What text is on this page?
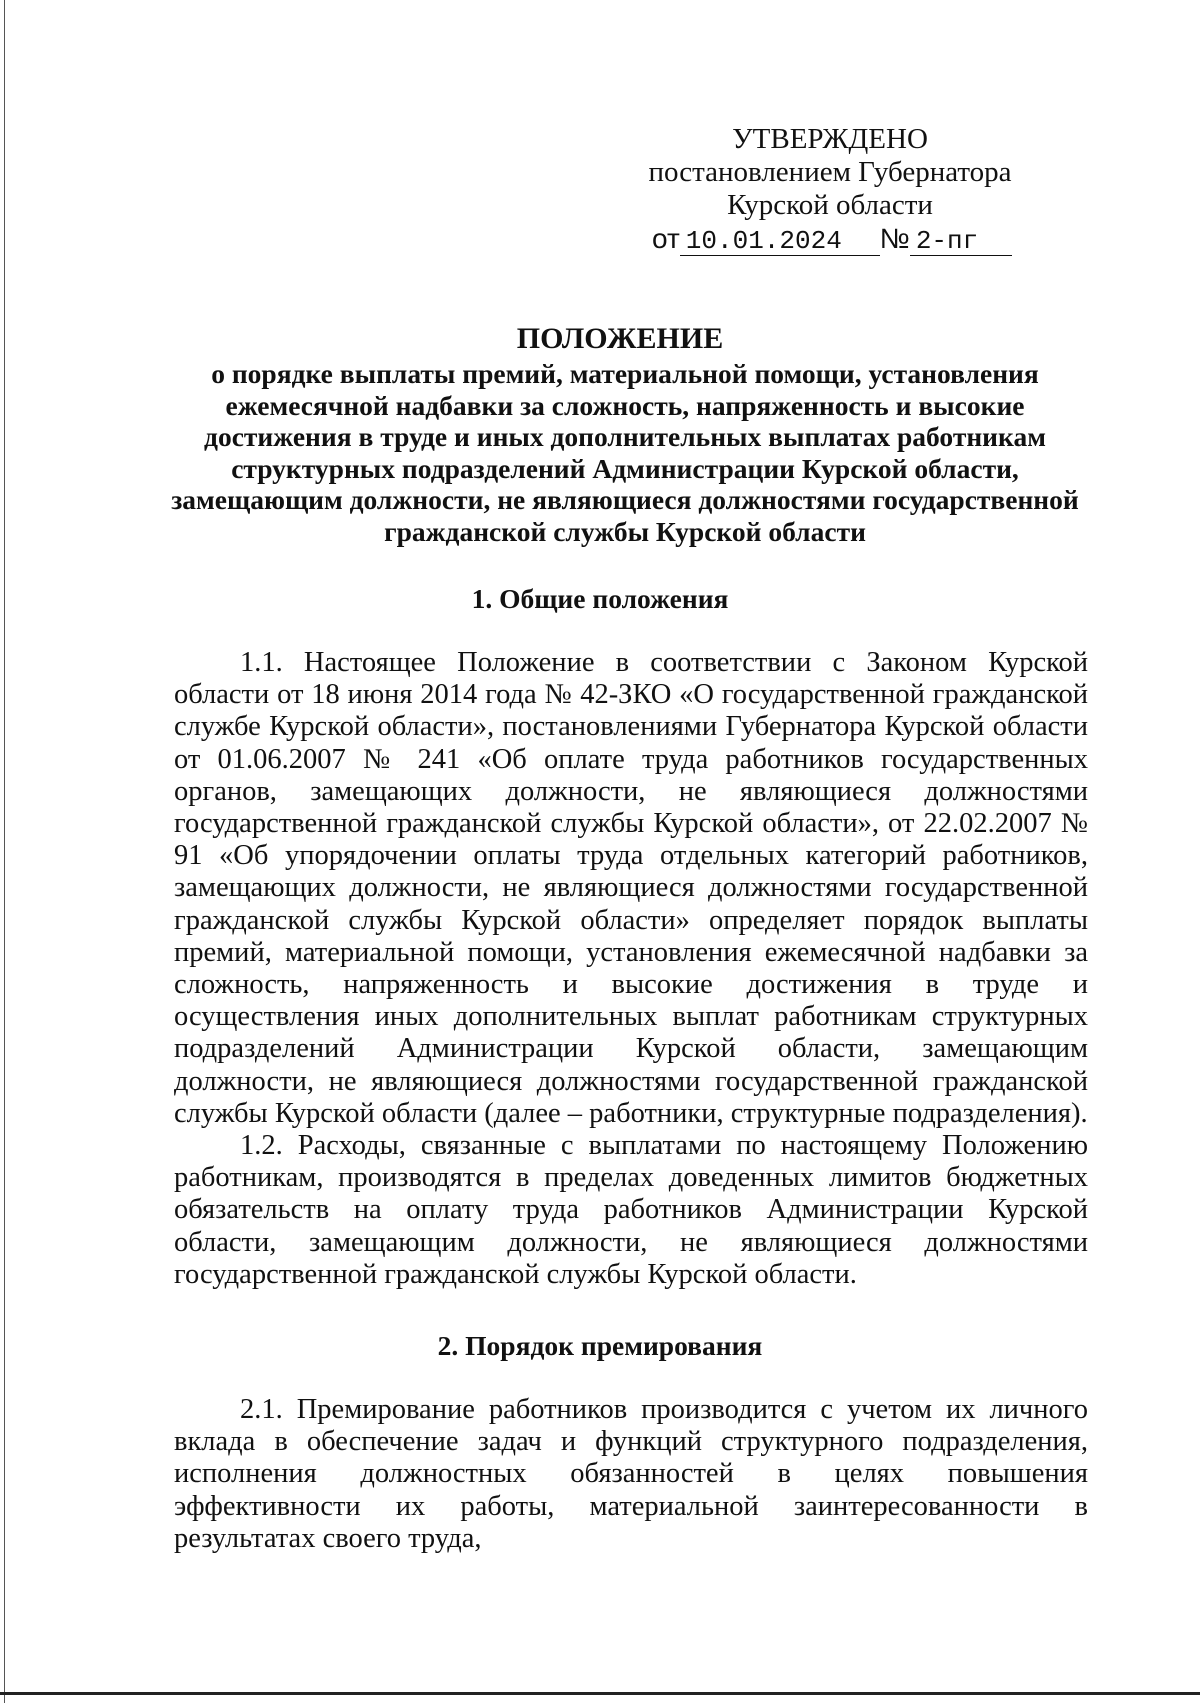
УТВЕРЖДЕНО
постановлением Губернатора
Курской области
от 10.01.2024 № 2-пг
ПОЛОЖЕНИЕ
о порядке выплаты премий, материальной помощи, установления ежемесячной надбавки за сложность, напряженность и высокие достижения в труде и иных дополнительных выплатах работникам структурных подразделений Администрации Курской области, замещающим должности, не являющиеся должностями государственной гражданской службы Курской области
1. Общие положения

1.1. Настоящее Положение в соответствии с Законом Курской области от 18 июня 2014 года № 42-ЗКО «О государственной гражданской службе Курской области», постановлениями Губернатора Курской области от 01.06.2007 № 241 «Об оплате труда работников государственных органов, замещающих должности, не являющиеся должностями государственной гражданской службы Курской области», от 22.02.2007 № 91 «Об упорядочении оплаты труда отдельных категорий работников, замещающих должности, не являющиеся должностями государственной гражданской службы Курской области» определяет порядок выплаты премий, материальной помощи, установления ежемесячной надбавки за сложность, напряженность и высокие достижения в труде и осуществления иных дополнительных выплат работникам структурных подразделений Администрации Курской области, замещающим должности, не являющиеся должностями государственной гражданской службы Курской области (далее – работники, структурные подразделения).

1.2. Расходы, связанные с выплатами по настоящему Положению работникам, производятся в пределах доведенных лимитов бюджетных обязательств на оплату труда работников Администрации Курской области, замещающим должности, не являющиеся должностями государственной гражданской службы Курской области.

2. Порядок премирования

2.1. Премирование работников производится с учетом их личного вклада в обеспечение задач и функций структурного подразделения, исполнения должностных обязанностей в целях повышения эффективности их работы, материальной заинтересованности в результатах своего труда,
